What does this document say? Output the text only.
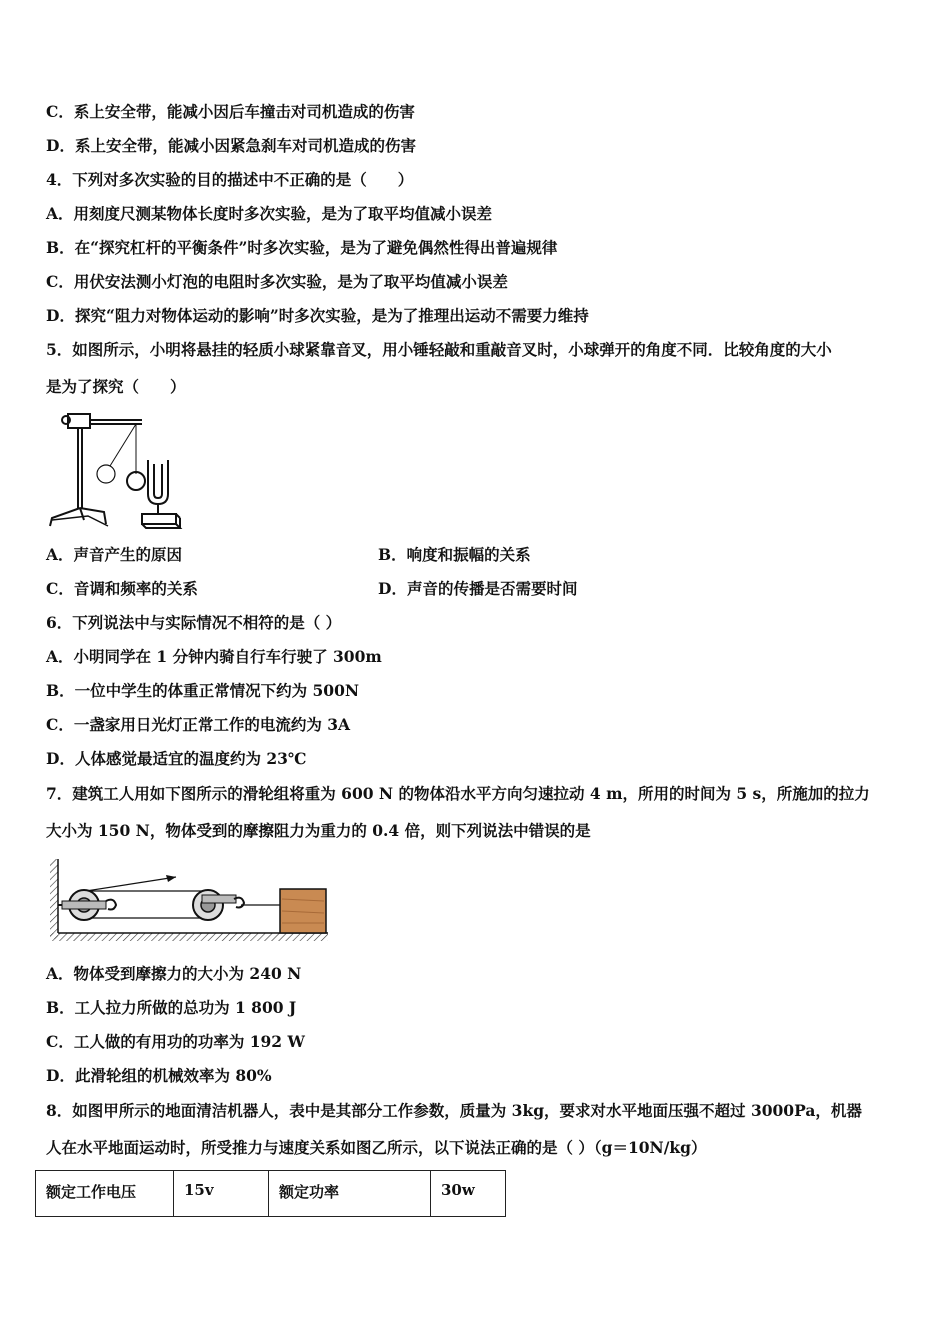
C．系上安全带，能减小因后车撞击对司机造成的伤害
D．系上安全带，能减小因紧急刹车对司机造成的伤害
4．下列对多次实验的目的描述中不正确的是（　　）
A．用刻度尺测某物体长度时多次实验，是为了取平均值减小误差
B．在“探究杠杆的平衡条件”时多次实验，是为了避免偶然性得出普遍规律
C．用伏安法测小灯泡的电阻时多次实验，是为了取平均值减小误差
D．探究“阻力对物体运动的影响”时多次实验，是为了推理出运动不需要力维持
5．如图所示，小明将悬挂的轻质小球紧靠音叉，用小锤轻敲和重敲音叉时，小球弹开的角度不同．比较角度的大小
是为了探究（　　）
A．声音产生的原因	B．响度和振幅的关系
C．音调和频率的关系	D．声音的传播是否需要时间
6．下列说法中与实际情况不相符的是（ ）
A．小明同学在 1 分钟内骑自行车行驶了 300m
B．一位中学生的体重正常情况下约为 500N
C．一盏家用日光灯正常工作的电流约为 3A
D．人体感觉最适宜的温度约为 23℃
7．建筑工人用如下图所示的滑轮组将重为 600 N 的物体沿水平方向匀速拉动 4 m，所用的时间为 5 s，所施加的拉力
大小为 150 N，物体受到的摩擦阻力为重力的 0.4 倍，则下列说法中错误的是
A．物体受到摩擦力的大小为 240 N
B．工人拉力所做的总功为 1 800 J
C．工人做的有用功的功率为 192 W
D．此滑轮组的机械效率为 80%
8．如图甲所示的地面清洁机器人，表中是其部分工作参数，质量为 3kg，要求对水平地面压强不超过 3000Pa，机器
人在水平地面运动时，所受推力与速度关系如图乙所示，以下说法正确的是（ ）（g＝10N/kg）
额定工作电压	15v	额定功率	30w
